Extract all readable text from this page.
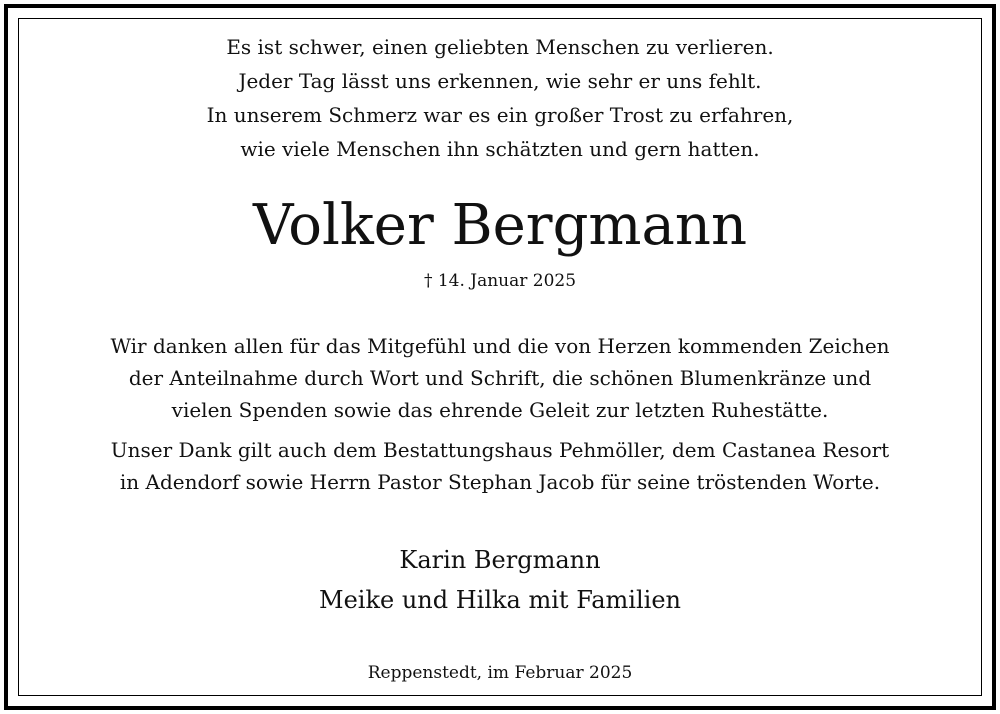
Es ist schwer, einen geliebten Menschen zu verlieren.
Jeder Tag lässt uns erkennen, wie sehr er uns fehlt.
In unserem Schmerz war es ein großer Trost zu erfahren,
wie viele Menschen ihn schätzten und gern hatten.
Volker Bergmann
† 14. Januar 2025
Wir danken allen für das Mitgefühl und die von Herzen kommenden Zeichen
der Anteilnahme durch Wort und Schrift, die schönen Blumenkränze und
vielen Spenden sowie das ehrende Geleit zur letzten Ruhestätte.
Unser Dank gilt auch dem Bestattungshaus Pehmöller, dem Castanea Resort
in Adendorf sowie Herrn Pastor Stephan Jacob für seine tröstenden Worte.
Karin Bergmann
Meike und Hilka mit Familien
Reppenstedt, im Februar 2025
